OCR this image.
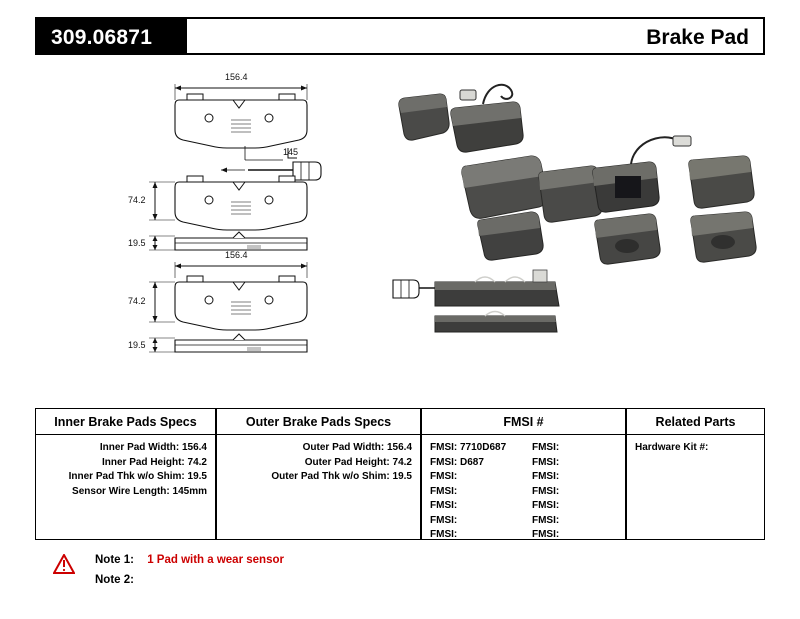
309.06871	Brake Pad
156.4
145
74.2
19.5
156.4
74.2
19.5
Inner Brake Pads Specs
Inner Pad Width: 156.4
Inner Pad Height: 74.2
Inner Pad Thk w/o Shim: 19.5
Sensor Wire Length: 145mm
Outer Brake Pads Specs
Outer Pad Width: 156.4
Outer Pad Height: 74.2
Outer Pad Thk w/o Shim: 19.5
FMSI #
FMSI: 7710D687	FMSI:
FMSI: D687	FMSI:
FMSI:	FMSI:
FMSI:	FMSI:
FMSI:	FMSI:
FMSI:	FMSI:
FMSI:	FMSI:
Related Parts
Hardware Kit #:
Note 1: 1 Pad with a wear sensor
Note 2:
